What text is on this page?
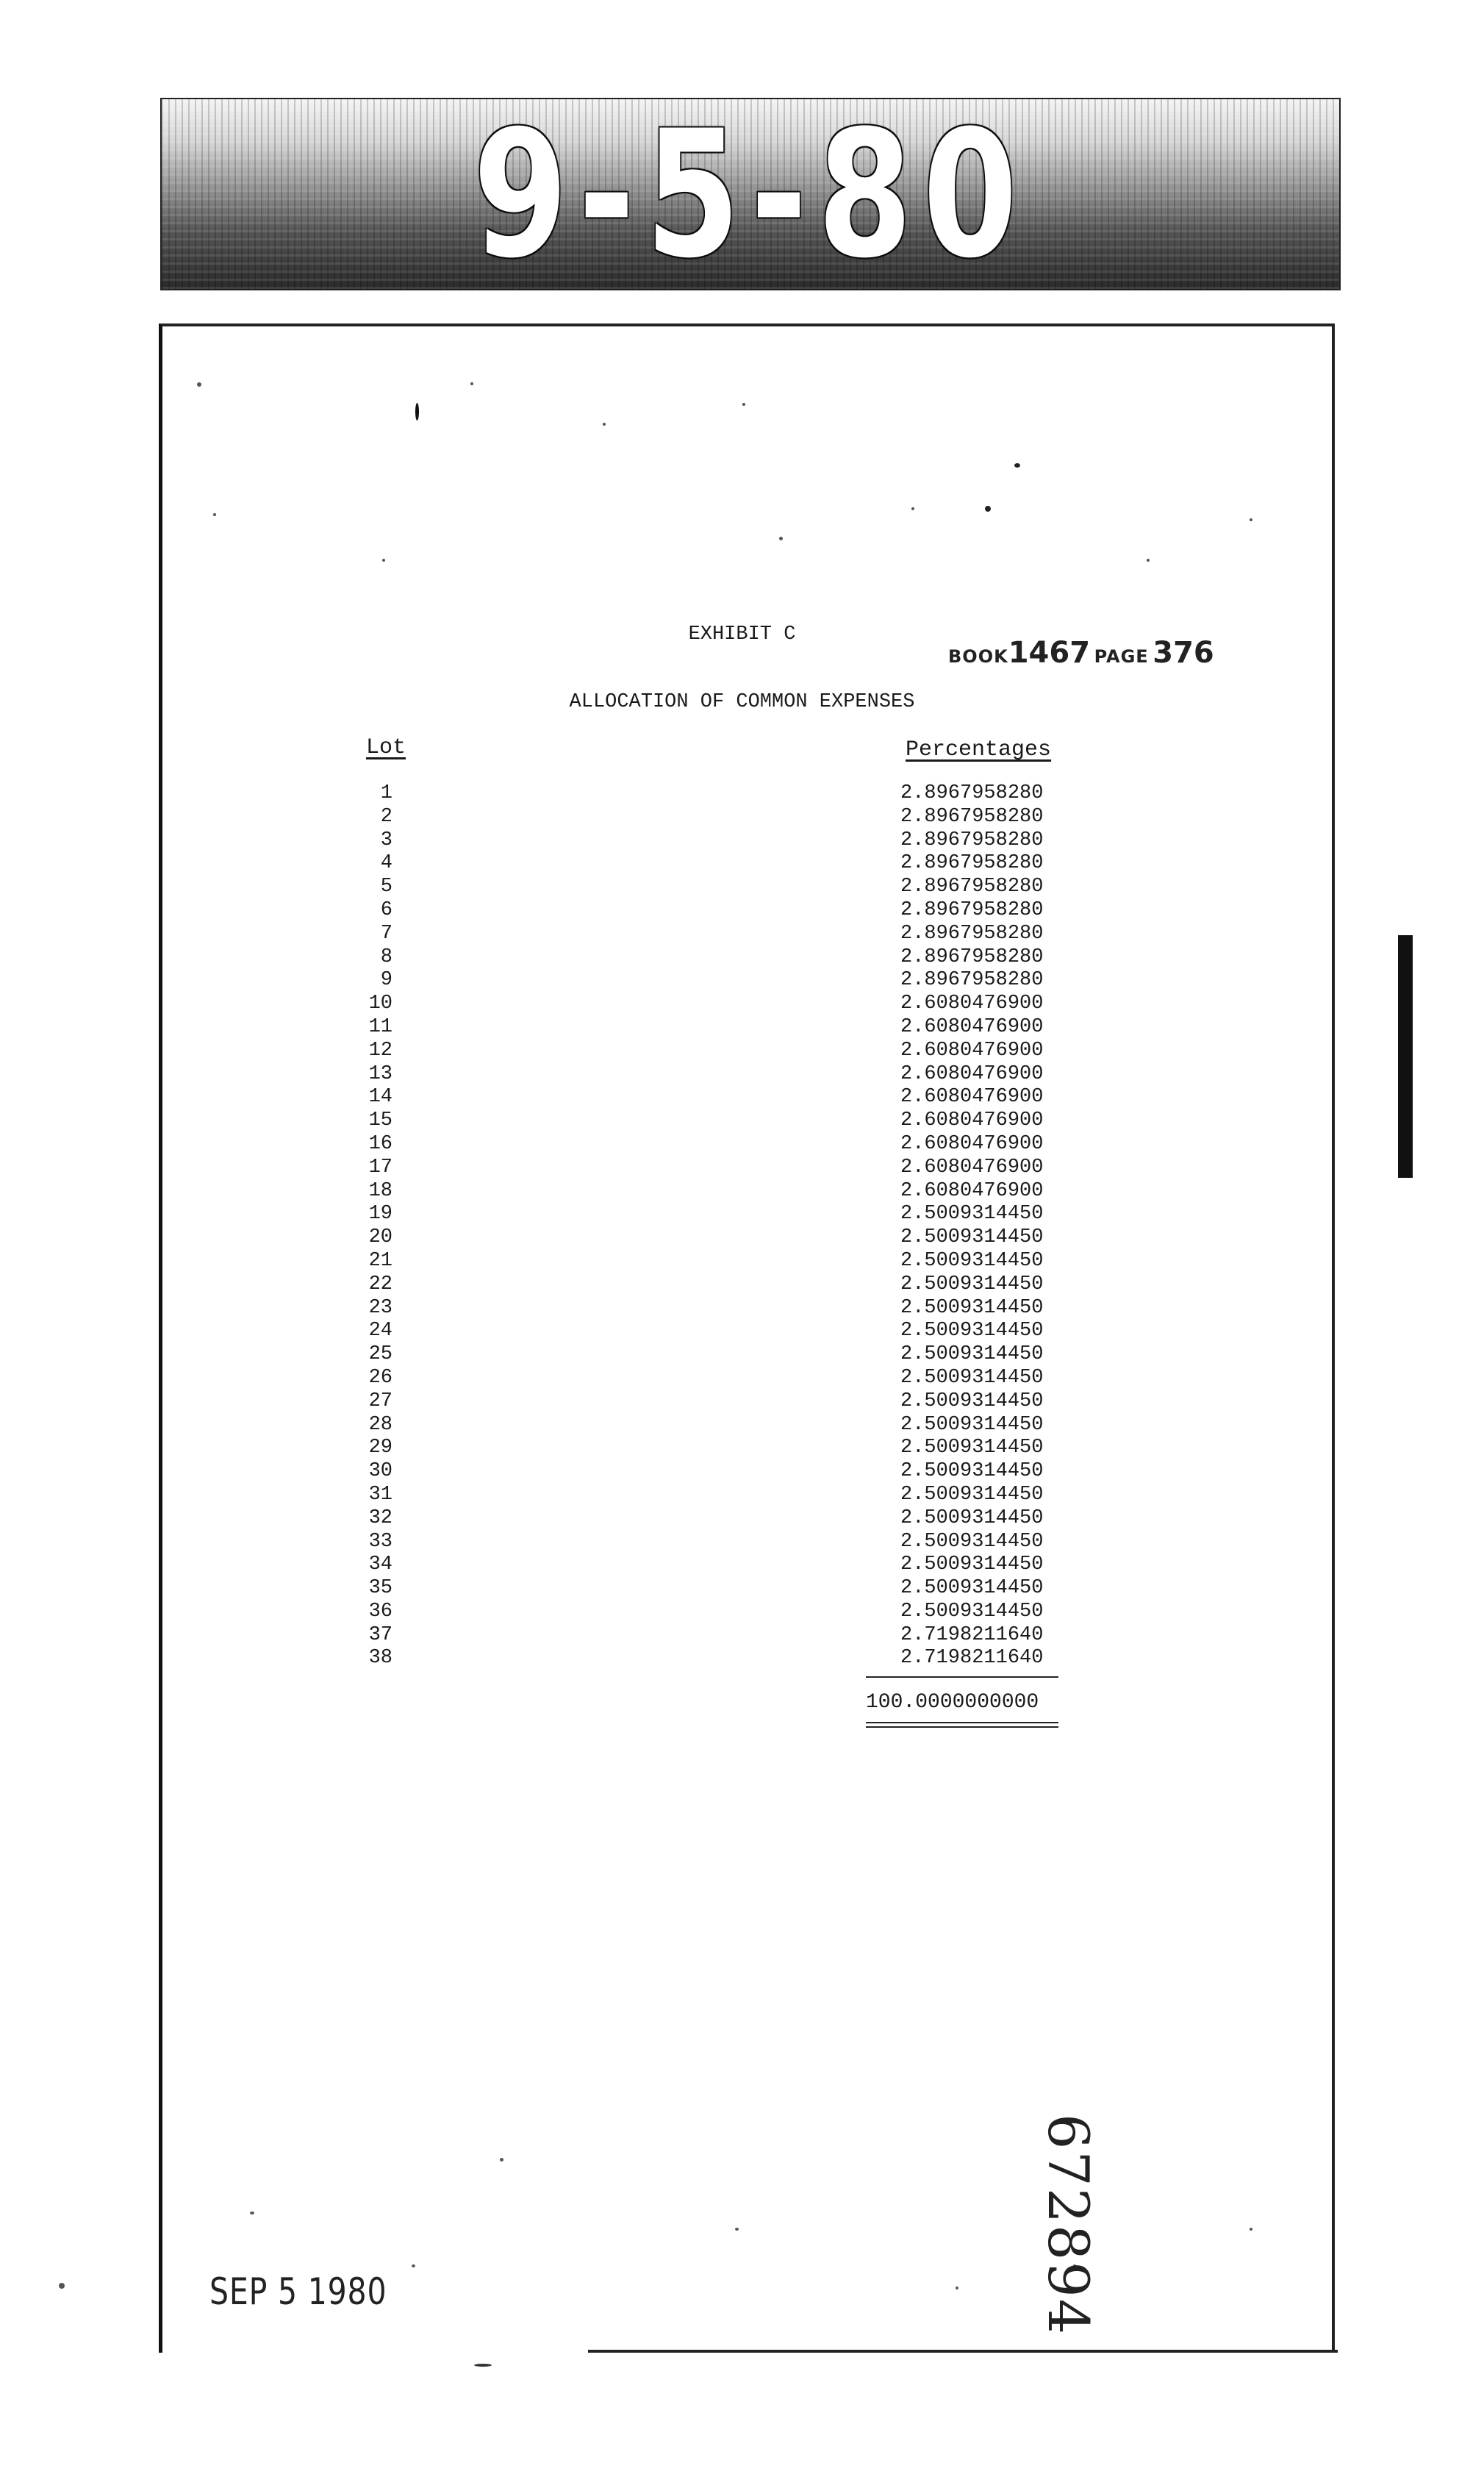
9-5-80
EXHIBIT C
BOOK1467 PAGE 376
ALLOCATION OF COMMON EXPENSES
Lot	Percentages
1	2.8967958280
2	2.8967958280
3	2.8967958280
4	2.8967958280
5	2.8967958280
6	2.8967958280
7	2.8967958280
8	2.8967958280
9	2.8967958280
10	2.6080476900
11	2.6080476900
12	2.6080476900
13	2.6080476900
14	2.6080476900
15	2.6080476900
16	2.6080476900
17	2.6080476900
18	2.6080476900
19	2.5009314450
20	2.5009314450
21	2.5009314450
22	2.5009314450
23	2.5009314450
24	2.5009314450
25	2.5009314450
26	2.5009314450
27	2.5009314450
28	2.5009314450
29	2.5009314450
30	2.5009314450
31	2.5009314450
32	2.5009314450
33	2.5009314450
34	2.5009314450
35	2.5009314450
36	2.5009314450
37	2.7198211640
38	2.7198211640
100.0000000000
672894
SEP 5 1980
